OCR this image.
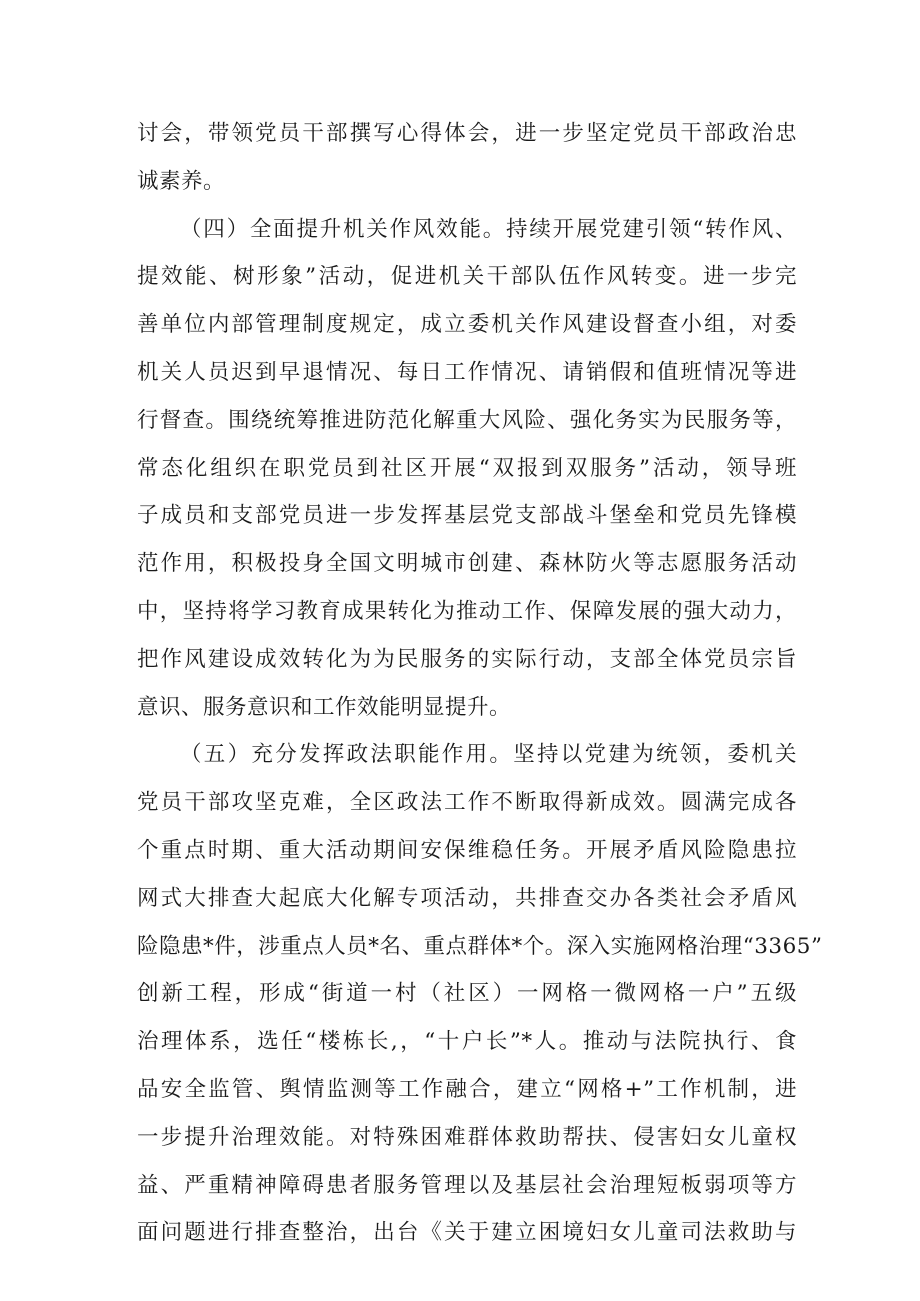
讨会，带领党员干部撰写心得体会，进一步坚定党员干部政治忠
诚素养。
（四）全面提升机关作风效能。持续开展党建引领“转作风、
提效能、树形象”活动，促进机关干部队伍作风转变。进一步完
善单位内部管理制度规定，成立委机关作风建设督查小组，对委
机关人员迟到早退情况、每日工作情况、请销假和值班情况等进
行督查。围绕统筹推进防范化解重大风险、强化务实为民服务等，
常态化组织在职党员到社区开展“双报到双服务”活动，领导班
子成员和支部党员进一步发挥基层党支部战斗堡垒和党员先锋模
范作用，积极投身全国文明城市创建、森林防火等志愿服务活动
中，坚持将学习教育成果转化为推动工作、保障发展的强大动力，
把作风建设成效转化为为民服务的实际行动，支部全体党员宗旨
意识、服务意识和工作效能明显提升。
（五）充分发挥政法职能作用。坚持以党建为统领，委机关
党员干部攻坚克难，全区政法工作不断取得新成效。圆满完成各
个重点时期、重大活动期间安保维稳任务。开展矛盾风险隐患拉
网式大排查大起底大化解专项活动，共排查交办各类社会矛盾风
险隐患*件，涉重点人员*名、重点群体*个。深入实施网格治理“3365”
创新工程，形成“街道一村（社区）一网格一微网格一户”五级
治理体系，选任“楼栋长,，“十户长”*人。推动与法院执行、食
品安全监管、舆情监测等工作融合，建立“网格+”工作机制，进
一步提升治理效能。对特殊困难群体救助帮扶、侵害妇女儿童权
益、严重精神障碍患者服务管理以及基层社会治理短板弱项等方
面问题进行排查整治，出台《关于建立困境妇女儿童司法救助与
